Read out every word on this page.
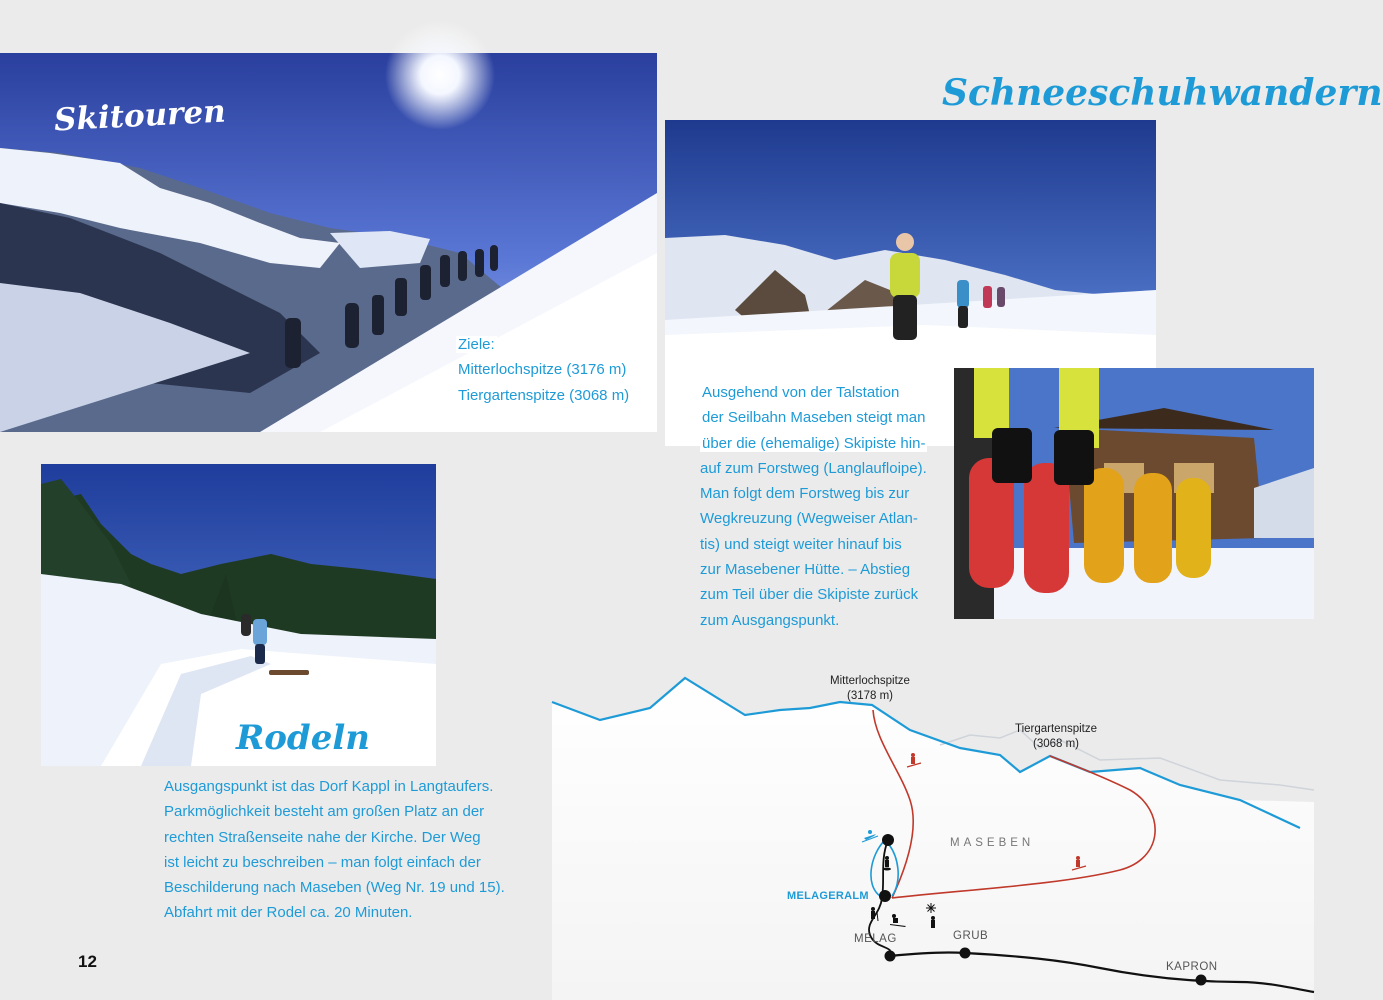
Skitouren
Ziele:
Mitterlochspitze (3176 m)
Tiergartenspitze (3068 m)
Schneeschuhwandern
Ausgehend von der Talstation
der Seilbahn Maseben steigt man
über die (ehemalige) Skipiste hin-
auf zum Forstweg (Langlaufloipe).
Man folgt dem Forstweg bis zur
Wegkreuzung (Wegweiser Atlan-
tis) und steigt weiter hinauf bis
zur Masebener Hütte. – Abstieg
zum Teil über die Skipiste zurück
zum Ausgangspunkt.
Rodeln
Ausgangspunkt ist das Dorf Kappl in Langtaufers.
Parkmöglichkeit besteht am großen Platz an der
rechten Straßenseite nahe der Kirche. Der Weg
ist leicht zu beschreiben – man folgt einfach der
Beschilderung nach Maseben (Weg Nr. 19 und 15).
Abfahrt mit der Rodel ca. 20 Minuten.
12
Mitterlochspitze
(3178 m)
Tiergartenspitze
(3068 m)
MASEBEN
MELAGERALM
MELAG	GRUB
KAPRON
